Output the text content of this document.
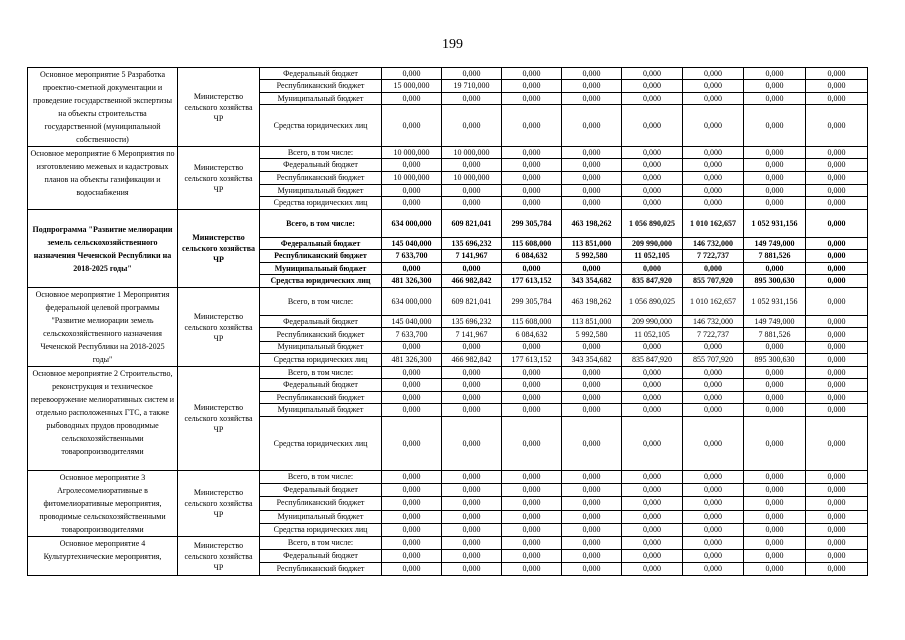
199
Основное мероприятие 5 Разработка проектно-сметной документации и проведение государственной экспертизы на объекты строительства государственной (муниципальной собственности)	Министерство сельского хозяйства ЧР	Федеральный бюджет	0,000	0,000	0,000	0,000	0,000	0,000	0,000	0,000
		Республиканский бюджет	15 000,000	19 710,000	0,000	0,000	0,000	0,000	0,000	0,000
		Муниципальный бюджет	0,000	0,000	0,000	0,000	0,000	0,000	0,000	0,000
		Средства юридических лиц	0,000	0,000	0,000	0,000	0,000	0,000	0,000	0,000
Основное мероприятие 6 Мероприятия по изготовлению межевых и кадастровых планов на объекты газификации и водоснабжения	Министерство сельского хозяйства ЧР	Всего, в том числе:	10 000,000	10 000,000	0,000	0,000	0,000	0,000	0,000	0,000
		Федеральный бюджет	0,000	0,000	0,000	0,000	0,000	0,000	0,000	0,000
		Республиканский бюджет	10 000,000	10 000,000	0,000	0,000	0,000	0,000	0,000	0,000
		Муниципальный бюджет	0,000	0,000	0,000	0,000	0,000	0,000	0,000	0,000
		Средства юридических лиц	0,000	0,000	0,000	0,000	0,000	0,000	0,000	0,000
Подпрограмма "Развитие мелиорации земель сельскохозяйственного назначения Чеченской Республики на 2018-2025 годы"	Министерство сельского хозяйства ЧР	Всего, в том числе:	634 000,000	609 821,041	299 305,784	463 198,262	1 056 890,025	1 010 162,657	1 052 931,156	0,000
		Федеральный бюджет	145 040,000	135 696,232	115 608,000	113 851,000	209 990,000	146 732,000	149 749,000	0,000
		Республиканский бюджет	7 633,700	7 141,967	6 084,632	5 992,580	11 052,105	7 722,737	7 881,526	0,000
		Муниципальный бюджет	0,000	0,000	0,000	0,000	0,000	0,000	0,000	0,000
		Средства юридических лиц	481 326,300	466 982,842	177 613,152	343 354,682	835 847,920	855 707,920	895 300,630	0,000
Основное мероприятие 1 Мероприятия федеральной целевой программы "Развитие мелиорации земель сельскохозяйственного назначения Чеченской Республики на 2018-2025 годы"	Министерство сельского хозяйства ЧР	Всего, в том числе:	634 000,000	609 821,041	299 305,784	463 198,262	1 056 890,025	1 010 162,657	1 052 931,156	0,000
		Федеральный бюджет	145 040,000	135 696,232	115 608,000	113 851,000	209 990,000	146 732,000	149 749,000	0,000
		Республиканский бюджет	7 633,700	7 141,967	6 084,632	5 992,580	11 052,105	7 722,737	7 881,526	0,000
		Муниципальный бюджет	0,000	0,000	0,000	0,000	0,000	0,000	0,000	0,000
		Средства юридических лиц	481 326,300	466 982,842	177 613,152	343 354,682	835 847,920	855 707,920	895 300,630	0,000
Основное мероприятие 2 Строительство, реконструкция и техническое перевооружение мелиоративных систем и отдельно расположенных ГТС, а также рыбоводных прудов проводимые сельскохозяйственными товаропроизводителями	Министерство сельского хозяйства ЧР	Всего, в том числе:	0,000	0,000	0,000	0,000	0,000	0,000	0,000	0,000
		Федеральный бюджет	0,000	0,000	0,000	0,000	0,000	0,000	0,000	0,000
		Республиканский бюджет	0,000	0,000	0,000	0,000	0,000	0,000	0,000	0,000
		Муниципальный бюджет	0,000	0,000	0,000	0,000	0,000	0,000	0,000	0,000
		Средства юридических лиц	0,000	0,000	0,000	0,000	0,000	0,000	0,000	0,000
Основное мероприятие 3 Агролесомелиоративные в фитомелиоративные мероприятия, проводимые сельскохозяйственными товаропроизводителями	Министерство сельского хозяйства ЧР	Всего, в том числе:	0,000	0,000	0,000	0,000	0,000	0,000	0,000	0,000
		Федеральный бюджет	0,000	0,000	0,000	0,000	0,000	0,000	0,000	0,000
		Республиканский бюджет	0,000	0,000	0,000	0,000	0,000	0,000	0,000	0,000
		Муниципальный бюджет	0,000	0,000	0,000	0,000	0,000	0,000	0,000	0,000
		Средства юридических лиц	0,000	0,000	0,000	0,000	0,000	0,000	0,000	0,000
Основное мероприятие 4 Культуртехнические мероприятия,	Министерство сельского хозяйства ЧР	Всего, в том числе:	0,000	0,000	0,000	0,000	0,000	0,000	0,000	0,000
		Федеральный бюджет	0,000	0,000	0,000	0,000	0,000	0,000	0,000	0,000
		Республиканский бюджет	0,000	0,000	0,000	0,000	0,000	0,000	0,000	0,000
